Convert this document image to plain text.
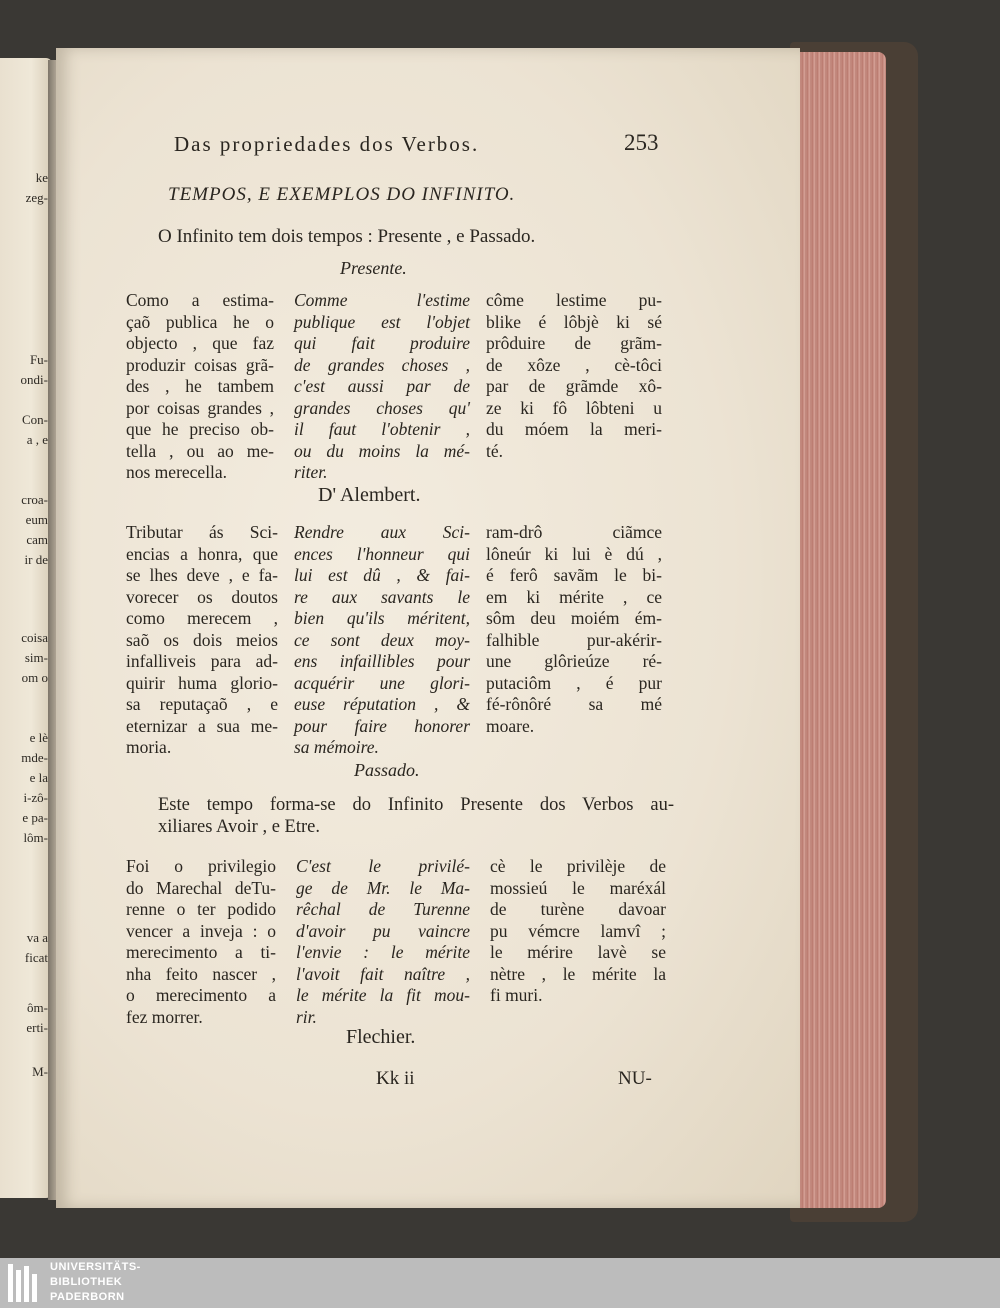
ke
zeg-
Fu-
ondi-
Con-
a , e
croa-
eum
cam
ir de
coisa
sim-
om o
e lè
mde-
e la
i-zô-
e pa-
lôm-
va a
ficat
ôm-
erti-
M-
Das propriedades dos Verbos.	253
TEMPOS, E EXEMPLOS DO INFINITO.
O Infinito tem dois tempos : Presente , e Passado.
Presente.
Como a estima-
çaõ publica he o
objecto , que faz
produzir coisas grã-
des , he tambem
por coisas grandes ,
que he preciso ob-
tella , ou ao me-
nos merecella.
Comme l'estime
publique est l'objet
qui fait produire
de grandes choses ,
c'est aussi par de
grandes choses qu'
il faut l'obtenir ,
ou du moins la mé-
riter.
côme lestime pu-
blike é lôbjè ki sé
prôduire de grãm-
de xôze , cè-tôci
par de grãmde xô-
ze ki fô lôbteni u
du móem la meri-
té.
D' Alembert.
Tributar ás Sci-
encias a honra, que
se lhes deve , e fa-
vorecer os doutos
como merecem ,
saõ os dois meios
infalliveis para ad-
quirir huma glorio-
sa reputaçaõ , e
eternizar a sua me-
moria.
Rendre aux Sci-
ences l'honneur qui
lui est dû , & fai-
re aux savants le
bien qu'ils méritent,
ce sont deux moy-
ens infaillibles pour
acquérir une glori-
euse réputation , &
pour faire honorer
sa mémoire.
ram-drô ciãmce
lôneúr ki lui è dú ,
é ferô savãm le bi-
em ki mérite , ce
sôm deu moiém ém-
falhible pur-akérir-
une glôrieúze ré-
putaciôm , é pur
fé-rônôré sa mé
moare.
Passado.
Este tempo forma-se do Infinito Presente dos Verbos au-
xiliares Avoir , e Etre.
Foi o privilegio
do Marechal deTu-
renne o ter podido
vencer a inveja : o
merecimento a ti-
nha feito nascer ,
o merecimento a
fez morrer.
C'est le privilé-
ge de Mr. le Ma-
rêchal de Turenne
d'avoir pu vaincre
l'envie : le mérite
l'avoit fait naître ,
le mérite la fit mou-
rir.
cè le privilèje de
mossieú le maréxál
de turène davoar
pu vémcre lamvî ;
le mérire lavè se
nètre , le mérite la
fi muri.
Flechier.
Kk ii	NU-
UNIVERSITÄTS-
BIBLIOTHEK
PADERBORN
